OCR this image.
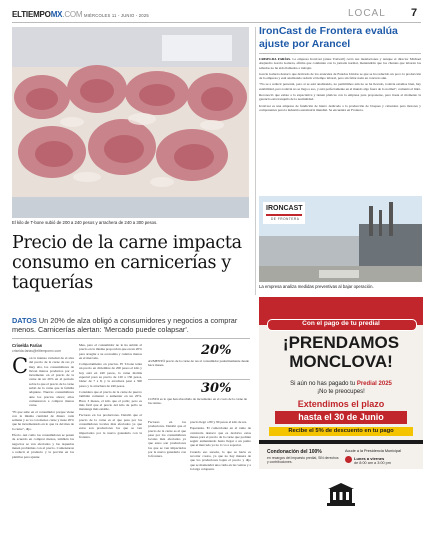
ELTIEMPOMX.COM MIÉRCOLES 11 - JUNIO - 2025	LOCAL 7
El kilo de T-bone subió de 200 a 240 pesos y arrachera de 240 a 300 pesos.
Precio de la carne impacta consumo en carnicerías y taquerías
DATOS Un 20% de alza obligó a consumidores y negocios a comprar menos. Carnicerías alertan: 'Mercado puede colapsar'.
Criselda Farías
criselda.farias@eltiempomx.com
C on la intensa variedad de el alza del precio de la carne de res ya muy alta, los consumidores de llevan menos productos por el incremento en el precio de la carne de un 20% en el periodo sobre la que el precio de la carne subió de la carne que la familia adquiere. Nuevas consumidores ante los precios ahora; ellos comenzaron a comprar menos carne.

"El que sube en el consumidor porque viene con la misma cantidad de dinero cada semana y se va con menos carne y tiene 20% que ha incrementado en lo que va del mes de la carne", dijo.

Efecto. Así como los consumidores se ponen de acuerdo en comprar menos, también los negocios se ven afectados y las taquerías tienen problemas con el precio. Comenzaron a reducir el producto y la porción en los platillos para ajustar.

Mes, pero el consumidor no le ha subido al precio en la misma proporción que en un 20% para arreglar a su economía y cuántos menos en el mercado.

Comportamiento en precios. El T-bone tenía un precio en diciembre de 200 pesos el kilo y hoy está en 240 pesos, la carne molida especial pasó su precio de 120 a 150 pesos, bistec de 7 a 8, y la arrachera pasó a 300 pesos y la arrachera de 240 pesos.

Considera que el precio de la carne de puerco también comenzó a aumentar en un 20%. Hace 3 meses, el kilo que el pollo; pero es más fácil que el precio del kilo de pollo se mantenga más estable.

Factores en los productores. Detalló que el precio de la carne es el que pasa por los consumidores locales más afectados ya que estos son productores los que se ven impactados por la nueva ganadería con la frontera.

20%
AUMENTÓ precio de la carne de res al consumidor paulatinamente desde hace meses.
30%
COSTO es lo que han absorbido de incremento en el costo de la carne de las rentas.

precio llegó a 80 y 90 pesos el kilo de res.

Esperanza. El comerciante en el ramo de carnicería destacó que es decisivo estos meses para el precio de la carne que podrían seguir aumentando hasta llegar a un punto que el mercado ya no lo va a soportar.

Cuando eso suceda, lo que se haría es recortar costos, ya que no hay manera de que los productores bajen el precio y dijo que se mantendrá una caída en las ventas y a la larga colapsará.

Factores en los productores. Detalló que el precio de la carne es el que pasa por los consumidores locales más afectados ya que estos son productores los que se ven impactados por la nueva ganadería con la frontera.

IronCast de Frontera evalúa ajuste por Arancel

CRISELDA FARÍAS. La empresa IronCast (antes Trelwell) cerró sus instalaciones y aunque el director Michael Alejandro García Galarza, afirma que continúan con la jornada normal, mantendrán que los clientes que laboran los sábados no ha sido llamados a trabajar.

García Galarza destacó que derivado de los aranceles de Estados Unidos se que se ha reducido un poco la producción de la empresa y está analizando reducir el tiempo laboral, pero sin faltar nada en concreto aún.

"No se a reducir personal, pero si se está analizando, no permitimos aún no se ha llevado, todavía estamos bien, hay estabilidad, pero todavía no se llega a eso, y está perfectamente en el mundo algo fuera de lo normal", comentó el líder.

Reconoció que existe a la expectativa y tienen platicas con la empresa para proponerse, pero hasta el momento la gerencia está tranquila de la normalidad.

IronCast es una empresa de fundición de hierro dedicada a la producción de bloques y cabezales para motores y componentes para la industria automotriz mundial. Se encuentra en Frontera.

IRONCAST
DE FRONTERA
La empresa analiza medidas preventivas al bajar operación.
Con el pago de tu predial
¡PRENDAMOS
MONCLOVA!
Si aún no has pagado tu Predial 2025
¡No te preocupes!
Extendimos el plazo
hasta el 30 de Junio
Recibe el 5% de descuento en tu pago
Condonación del 100%
en recargos del impuesto predial, SIN derechos y contribuciones.
Acude a la Presidencia Municipal
Lunes a viernes
de 8:00 am a 3:00 pm
